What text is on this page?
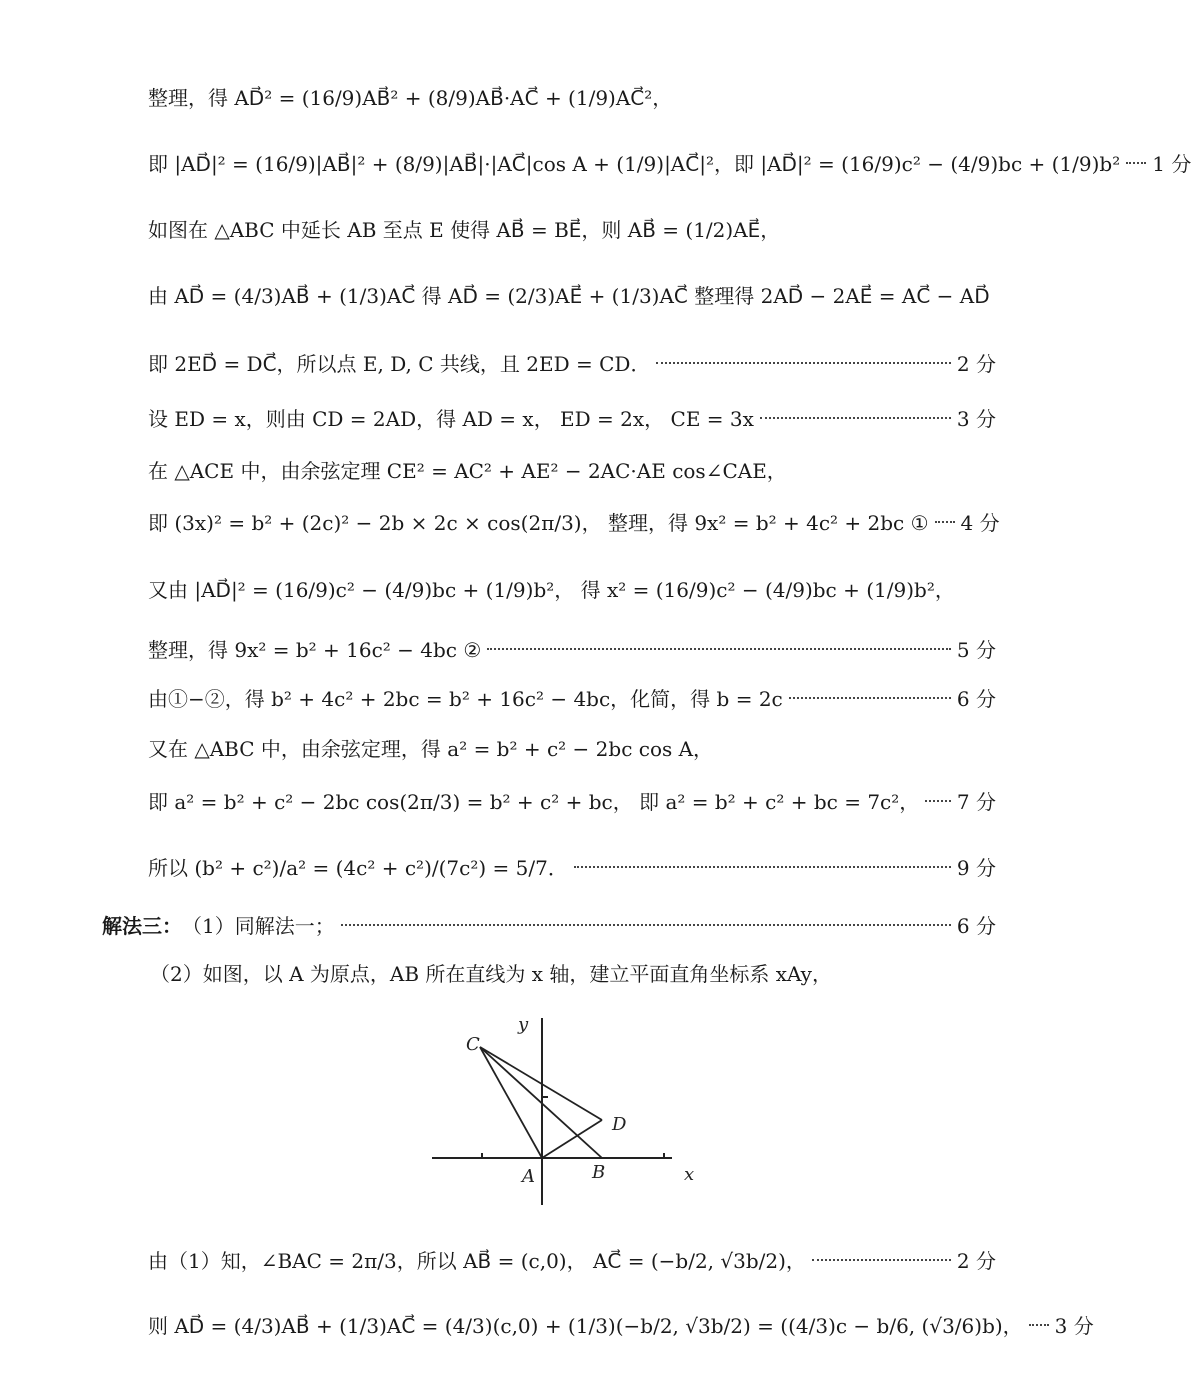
整理，得 AD⃗² = (16/9)AB⃗² + (8/9)AB⃗·AC⃗ + (1/9)AC⃗²，
即 |AD⃗|² = (16/9)|AB⃗|² + (8/9)|AB⃗|·|AC⃗|cos A + (1/9)|AC⃗|²，即 |AD⃗|² = (16/9)c² − (4/9)bc + (1/9)b² 1 分
如图在 △ABC 中延长 AB 至点 E 使得 AB⃗ = BE⃗，则 AB⃗ = (1/2)AE⃗，
由 AD⃗ = (4/3)AB⃗ + (1/3)AC⃗ 得 AD⃗ = (2/3)AE⃗ + (1/3)AC⃗ 整理得 2AD⃗ − 2AE⃗ = AC⃗ − AD⃗
即 2ED⃗ = DC⃗，所以点 E, D, C 共线，且 2ED = CD．	2 分
设 ED = x，则由 CD = 2AD，得 AD = x， ED = 2x， CE = 3x	3 分
在 △ACE 中，由余弦定理 CE² = AC² + AE² − 2AC·AE cos∠CAE，
即 (3x)² = b² + (2c)² − 2b × 2c × cos(2π/3)， 整理，得 9x² = b² + 4c² + 2bc ① 4 分
又由 |AD⃗|² = (16/9)c² − (4/9)bc + (1/9)b²， 得 x² = (16/9)c² − (4/9)bc + (1/9)b²，
整理，得 9x² = b² + 16c² − 4bc ②	5 分
由①−②，得 b² + 4c² + 2bc = b² + 16c² − 4bc，化简，得 b = 2c	6 分
又在 △ABC 中，由余弦定理，得 a² = b² + c² − 2bc cos A，
即 a² = b² + c² − 2bc cos(2π/3) = b² + c² + bc， 即 a² = b² + c² + bc = 7c²， 7 分
所以 (b² + c²)/a² = (4c² + c²)/(7c²) = 5/7．	9 分
解法三： （1）同解法一；	6 分
（2）如图，以 A 为原点，AB 所在直线为 x 轴，建立平面直角坐标系 xAy，
y
x
C
D
A	B
由（1）知，∠BAC = 2π/3，所以 AB⃗ = (c,0)， AC⃗ = (−b/2, √3b/2)，	2 分
则 AD⃗ = (4/3)AB⃗ + (1/3)AC⃗ = (4/3)(c,0) + (1/3)(−b/2, √3b/2) = ((4/3)c − b/6, (√3/6)b)， 3 分
